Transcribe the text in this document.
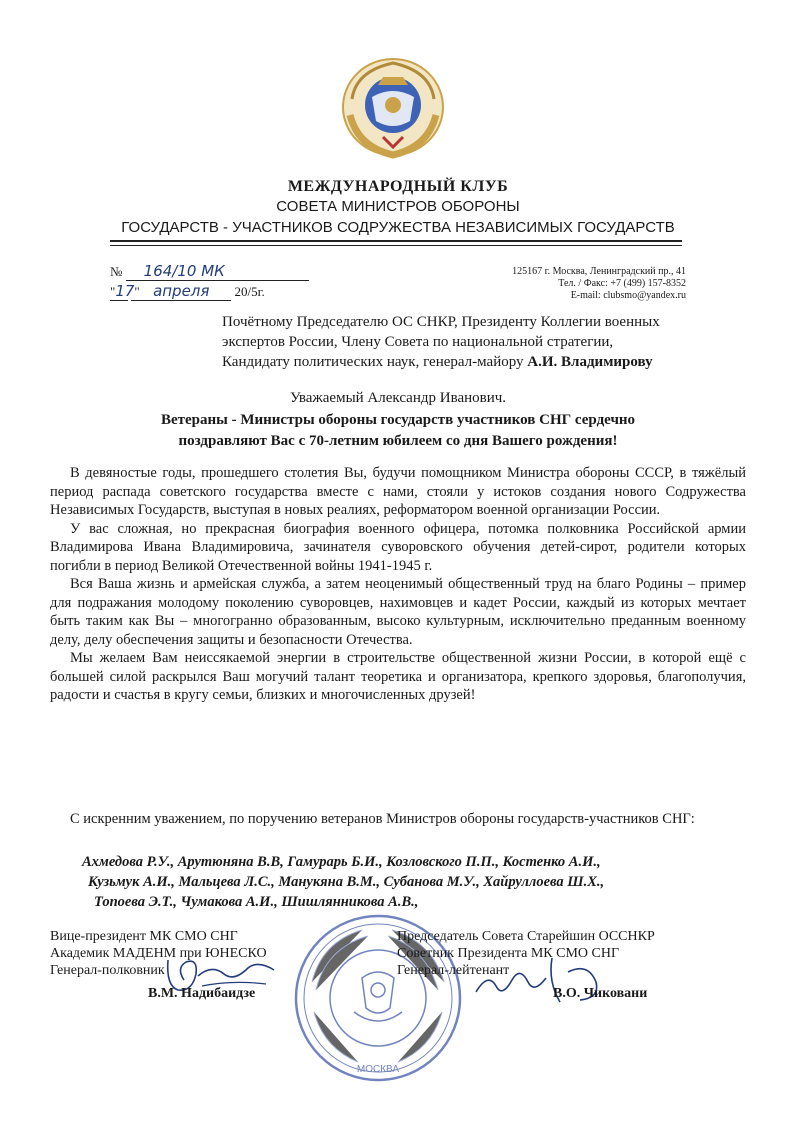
МЕЖДУНАРОДНЫЙ КЛУБ
СОВЕТА МИНИСТРОВ ОБОРОНЫ
ГОСУДАРСТВ - УЧАСТНИКОВ СОДРУЖЕСТВА НЕЗАВИСИМЫХ ГОСУДАРСТВ
№ 164/10 МК
"17" апреля 20/5г.
125167 г. Москва, Ленинградский пр., 41
Тел. / Факс: +7 (499) 157-8352
E-mail: clubsmo@yandex.ru
Почётному Председателю ОС СНКР, Президенту Коллегии военных
экспертов России, Члену Совета по национальной стратегии,
Кандидату политических наук, генерал-майору А.И. Владимирову
Уважаемый Александр Иванович.
Ветераны - Министры обороны государств участников СНГ сердечно
поздравляют Вас с 70-летним юбилеем со дня Вашего рождения!

В девяностые годы, прошедшего столетия Вы, будучи помощником Министра обороны СССР, в тяжёлый период распада советского государства вместе с нами, стояли у истоков создания нового Содружества Независимых Государств, выступая в новых реалиях, реформатором военной организации России.

У вас сложная, но прекрасная биография военного офицера, потомка полковника Российской армии Владимирова Ивана Владимировича, зачинателя суворовского обучения детей-сирот, родители которых погибли в период Великой Отечественной войны 1941-1945 г.

Вся Ваша жизнь и армейская служба, а затем неоценимый общественный труд на благо Родины – пример для подражания молодому поколению суворовцев, нахимовцев и кадет России, каждый из которых мечтает быть таким как Вы – многогранно образованным, высоко культурным, исключительно преданным военному делу, делу обеспечения защиты и безопасности Отечества.

Мы желаем Вам неиссякаемой энергии в строительстве общественной жизни России, в которой ещё с большей силой раскрылся Ваш могучий талант теоретика и организатора, крепкого здоровья, благополучия, радости и счастья в кругу семьи, близких и многочисленных друзей!

С искренним уважением, по поручению ветеранов Министров обороны государств-участников СНГ:

Ахмедова Р.У., Арутюняна В.В, Гамурарь Б.И., Козловского П.П., Костенко А.И.,
Кузьмук А.И., Мальцева Л.С., Манукяна В.М., Субанова М.У., Хайруллоева Ш.Х.,
Топоева Э.Т., Чумакова А.И., Шишлянникова А.В.,
МОСКВА
Вице-президент МК СМО СНГ
Академик МАДЕНМ при ЮНЕСКО
Генерал-полковник
В.М. Надибаидзе
Председатель Совета Старейшин ОССНКР
Советник Президента МК СМО СНГ
Генерал-лейтенант
В.О. Чиковани
